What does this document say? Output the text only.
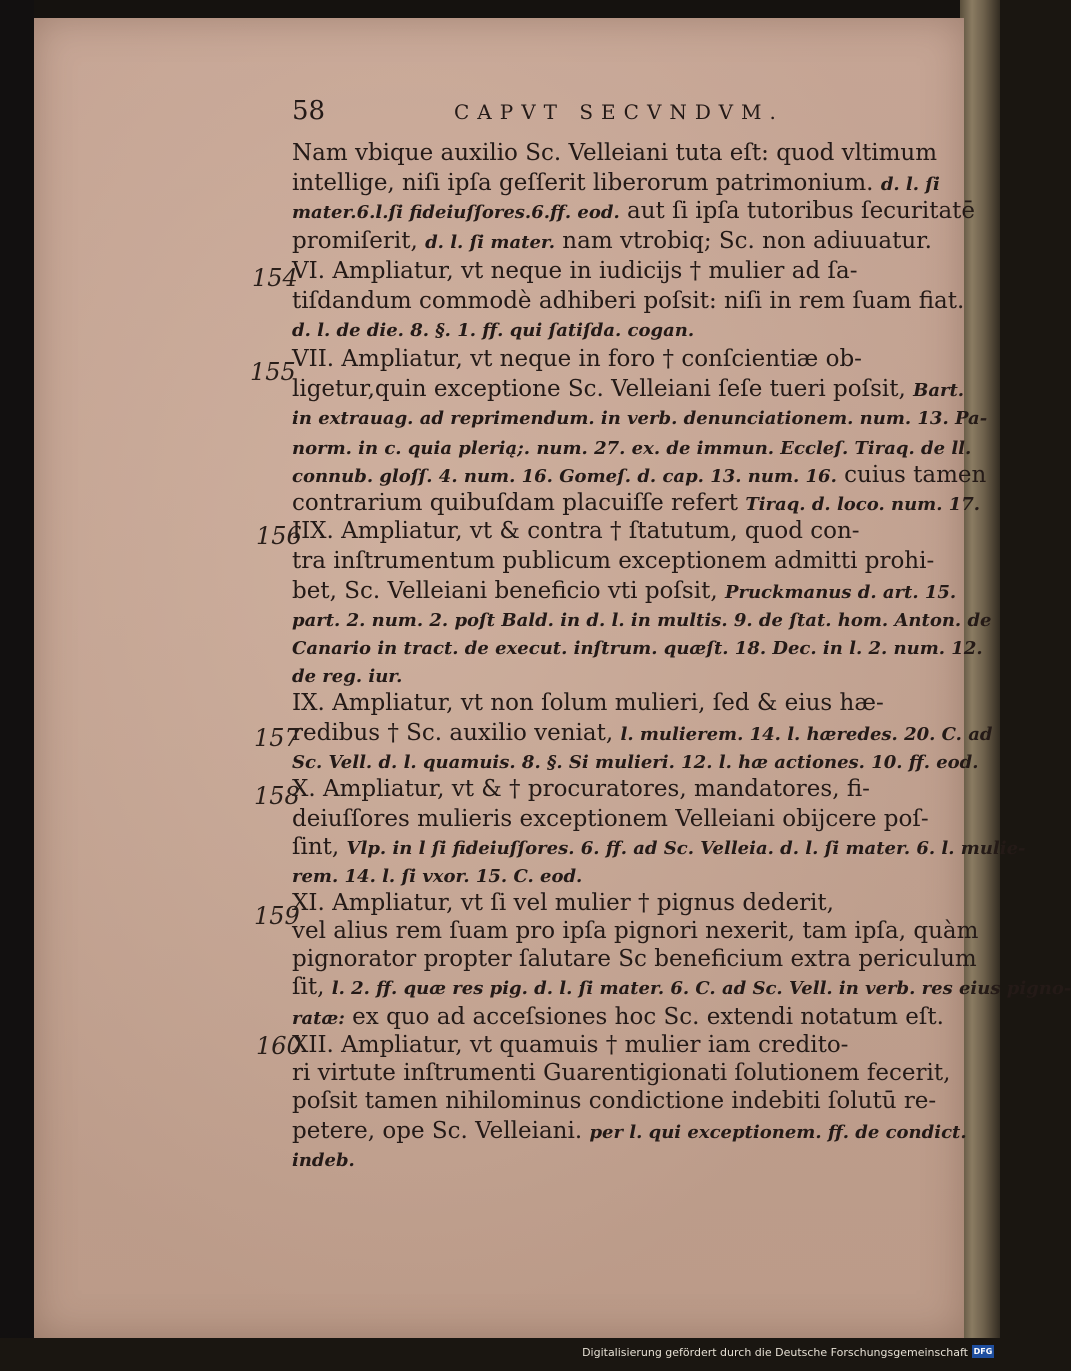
58	CAPVT SECVNDVM.
Nam vbique auxilio Sc. Velleiani tuta eſt: quod vltimum
intellige, niſi ipſa geſſerit liberorum patrimonium. d. l. ſi
mater.6.l.ſi fideiuſſores.6.ff. eod. aut ſi ipſa tutoribus ſecuritatē
promiſerit, d. l. ſi mater. nam vtrobiq; Sc. non adiuuatur.
VI. Ampliatur, vt neque in iudicijs † mulier ad ſa-
tiſdandum commodè adhiberi poſsit: niſi in rem ſuam fiat.
d. l. de die. 8. §. 1. ff. qui ſatiſda. cogan.
VII. Ampliatur, vt neque in foro † conſcientiæ ob-
ligetur,quin exceptione Sc. Velleiani ſeſe tueri poſsit, Bart.
in extrauag. ad reprimendum. in verb. denunciationem. num. 13. Pa-
norm. in c. quia plerią;. num. 27. ex. de immun. Eccleſ. Tiraq. de ll.
connub. gloſſ. 4. num. 16. Gomeſ. d. cap. 13. num. 16. cuius tamen
contrarium quibuſdam placuiſſe refert Tiraq. d. loco. num. 17.
IIX. Ampliatur, vt & contra † ſtatutum, quod con-
tra inſtrumentum publicum exceptionem admitti prohi-
bet, Sc. Velleiani beneficio vti poſsit, Pruckmanus d. art. 15.
part. 2. num. 2. poſt Bald. in d. l. in multis. 9. de ſtat. hom. Anton. de
Canario in tract. de execut. inſtrum. quæſt. 18. Dec. in l. 2. num. 12.
de reg. iur.
IX. Ampliatur, vt non ſolum mulieri, ſed & eius hæ-
redibus † Sc. auxilio veniat, l. mulierem. 14. l. hæredes. 20. C. ad
Sc. Vell. d. l. quamuis. 8. §. Si mulieri. 12. l. hæ actiones. 10. ff. eod.
X. Ampliatur, vt & † procuratores, mandatores, fi-
deiuſſores mulieris exceptionem Velleiani obijcere poſ-
ſint, Vlp. in l ſi fideiuſſores. 6. ff. ad Sc. Velleia. d. l. ſi mater. 6. l. mulie-
rem. 14. l. ſi vxor. 15. C. eod.
XI. Ampliatur, vt ſi vel mulier † pignus dederit,
vel alius rem ſuam pro ipſa pignori nexerit, tam ipſa, quàm
pignorator propter ſalutare Sc beneficium extra periculum
ſit, l. 2. ff. quæ res pig. d. l. ſi mater. 6. C. ad Sc. Vell. in verb. res eius pigno-
ratæ: ex quo ad acceſsiones hoc Sc. extendi notatum eſt.
XII. Ampliatur, vt quamuis † mulier iam credito-
ri virtute inſtrumenti Guarentigionati ſolutionem fecerit,
poſsit tamen nihilominus condictione indebiti ſolutū re-
petere, ope Sc. Velleiani. per l. qui exceptionem. ff. de condict.
indeb.
154
155
156
157
158
159
160
Digitalisierung gefördert durch die Deutsche Forschungsgemeinschaft DFG
